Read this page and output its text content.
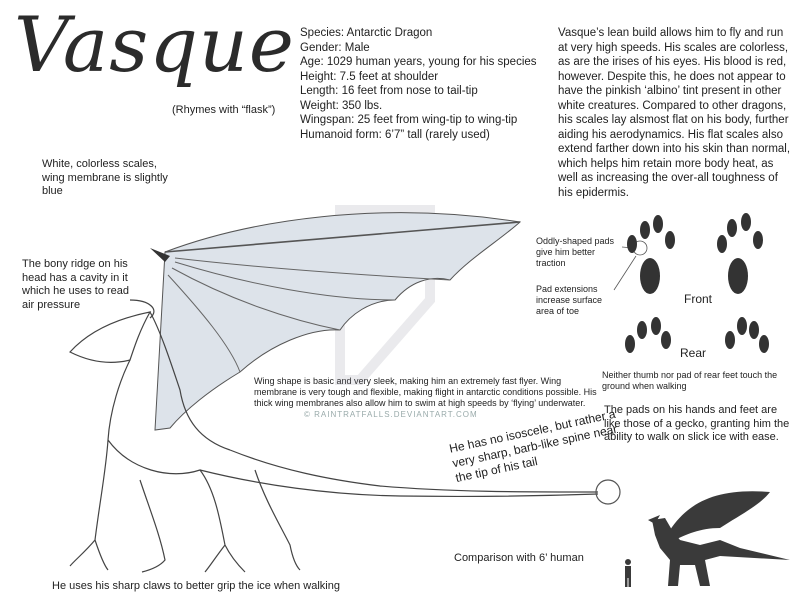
Vasque
(Rhymes with “flask”)
Species: Antarctic Dragon
Gender: Male
Age: 1029 human years, young for his species
Height: 7.5 feet at shoulder
Length: 16 feet from nose to tail-tip
Weight: 350 lbs.
Wingspan: 25 feet from wing-tip to wing-tip
Humanoid form: 6’7” tall (rarely used)
Vasque’s lean build allows him to fly and run at very high speeds. His scales are colorless, as are the irises of his eyes. His blood is red, however. Despite this, he does not appear to have the pinkish ‘albino’ tint present in other white creatures. Compared to other dragons, his scales lay alsmost flat on his body, further aiding his aerodynamics. His flat scales also extend farther down into his skin than normal, which helps him retain more body heat, as well as increasing the over-all toughness of his epidermis.
White, colorless scales, wing membrane is slightly blue
The bony ridge on his head has a cavity in it which he uses to read air pressure
Oddly-shaped pads give him better traction
Pad extensions increase surface area of toe
Front
Rear
Neither thumb nor pad of rear feet touch the ground when walking
The pads on his hands and feet are like those of a gecko, granting him the ability to walk on slick ice with ease.
Wing shape is basic and very sleek, making him an extremely fast flyer. Wing membrane is very tough and flexible, making flight in antarctic conditions possible. His thick wing membranes also allow him to swim at high speeds by ‘flying’ underwater.
He has no isoscele, but rather a very sharp, barb-like spine near the tip of his tail
Comparison with 6’ human
He uses his sharp claws to better grip the ice when walking
© RAINTRATFALLS.DEVIANTART.COM
